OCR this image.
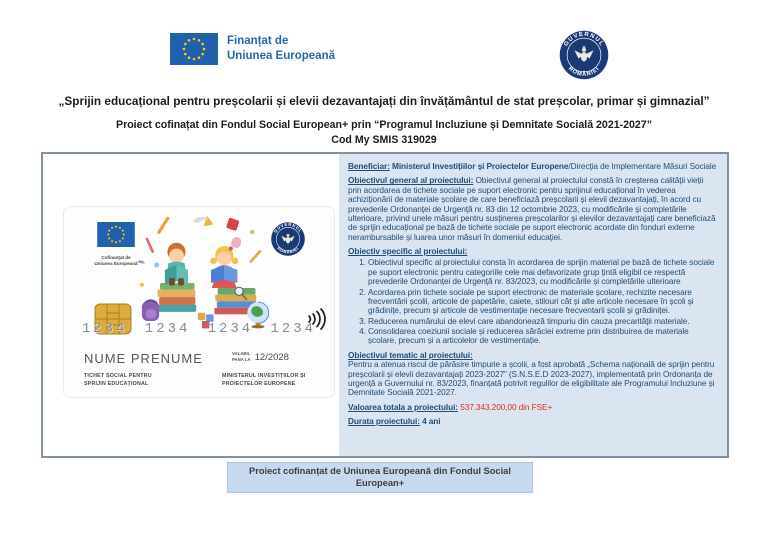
Finanțat de
Uniunea Europeană
GUVERNUL
ROMÂNIEI
„Sprijin educațional pentru preșcolarii și elevii dezavantajați din învățământul de stat preșcolar, primar și gimnazial”
Proiect cofinațat din Fondul Social European+ prin “Programul Incluziune și Demnitate Socială 2021-2027”
Cod My SMIS 319029
Cofinanțat de
Uniunea Europeană
GUVERNUL
ROMÂNIEI
1234 1234 1234 1234
NUME PRENUME	VALABIL
PANA LA 12/2028
TICHET SOCIAL PENTRU
SPRIJIN EDUCAȚIONAL
MINISTERUL INVESTIȚIILOR ȘI
PROIECTELOR EUROPENE

Beneficiar: Ministerul Investițiilor și Proiectelor Europene/Direcția de Implementare Măsuri Sociale

Obiectivul general al proiectului: Obiectivul general al proiectului constă în creșterea calității vieții prin acordarea de tichete sociale pe suport electronic pentru sprijinul educațional în vederea achiziționării de materiale școlare de care beneficiază preșcolarii și elevii dezavantajați, în acord cu prevederile Ordonanței de Urgență nr. 83 din 12 octombrie 2023, cu modificările și completările ulterioare, privind unele măsuri pentru susținerea preșcolarilor și elevilor dezavantajați care beneficiază de sprijin educațional pe bază de tichete sociale pe suport electronic acordate din fonduri externe nerambursabile și luarea unor măsuri în domeniul educației.

Obiectiv specific al proiectului:

1. Obiectivul specific al proiectului consta în acordarea de sprijin material pe bază de tichete sociale pe suport electronic pentru categoriile cele mai defavorizate grup țintă eligibil ce respectă prevederile Ordonanței de Urgență nr. 83/2023, cu modificările și completările ulterioare
2. Acordarea prin tichete sociale pe suport electronic de materiale școlare, rechizite necesare frecventării școlii, articole de papetărie, caiete, stilouri cât și alte articole necesare în școli și grădinițe, precum și articole de vestimentație necesare frecventarii școlii și grădiniței.
3. Reducerea numărului de elevi care abandonează timpuriu din cauza precarității materiale.
4. Consolidarea coeziunii sociale și reducerea sărăciei extreme prin distribuirea de materiale școlare, precum și a articolelor de vestimentație.

Obiectivul tematic al proiectului:

Pentru a atenua riscul de părăsire timpurie a școlii, a fost aprobată „Schema națională de sprijin pentru preșcolarii și elevii dezavantajați 2023-2027” (S.N.S.E.D 2023-2027), implementată prin Ordonanța de urgență a Guvernului nr. 83/2023, finanțată potrivit regulilor de eligibilitate ale Programului Incluziune și Demnitate Socială 2021-2027.

Valoarea totala a proiectului: 537.343.200,00 din FSE+

Durata proiectului: 4 ani

Proiect cofinanțat de Uniunea Europeană din Fondul Social European+
